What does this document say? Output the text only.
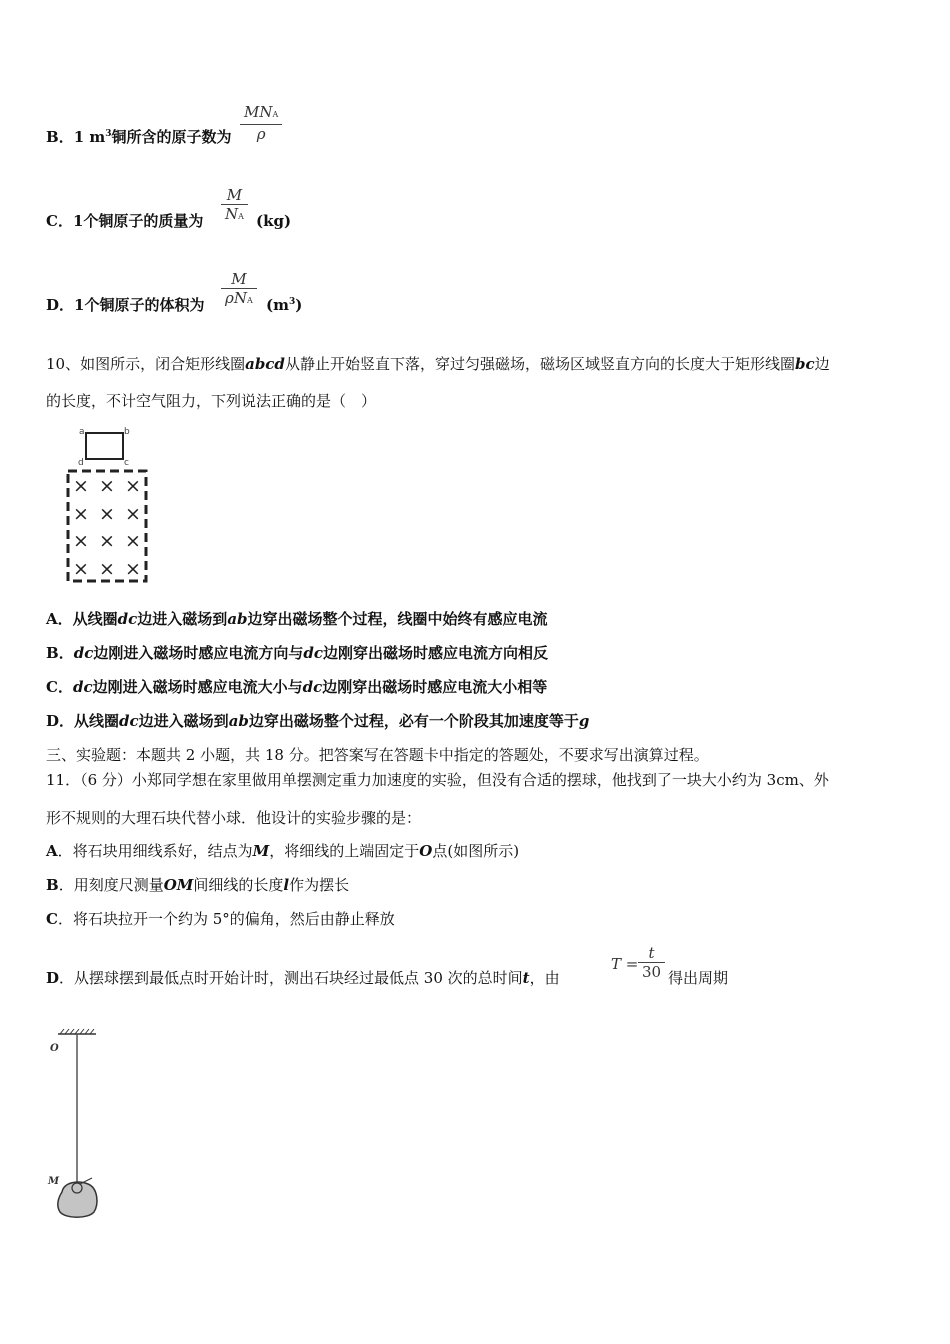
B．1 $m^3$铜所含的原子数为
MNA
ρ
C．1个铜原子的质量为
M
NA (kg)
D．1个铜原子的体积为
M
ρNA $(m^3)$
10、如图所示，闭合矩形线圈abcd从静止开始竖直下落，穿过匀强磁场，磁场区域竖直方向的长度大于矩形线圈bc边
的长度，不计空气阻力，下列说法正确的是（　）
a	b
c
d
× × ×
× × ×
× × ×
× × ×
A．从线圈dc边进入磁场到ab边穿出磁场整个过程，线圈中始终有感应电流
B．dc边刚进入磁场时感应电流方向与dc边刚穿出磁场时感应电流方向相反
C．dc边刚进入磁场时感应电流大小与dc边刚穿出磁场时感应电流大小相等
D．从线圈dc边进入磁场到ab边穿出磁场整个过程，必有一个阶段其加速度等于g
三、实验题：本题共 2 小题，共 18 分。把答案写在答题卡中指定的答题处，不要求写出演算过程。
11．（6 分）小郑同学想在家里做用单摆测定重力加速度的实验，但没有合适的摆球，他找到了一块大小约为 3cm、外
形不规则的大理石块代替小球．他设计的实验步骤的是：
A．将石块用细线系好，结点为M，将细线的上端固定于O点(如图所示)
B．用刻度尺测量OM间细线的长度l作为摆长
C．将石块拉开一个约为 5°的偏角，然后由静止释放
D．从摆球摆到最低点时开始计时，测出石块经过最低点 30 次的总时间t，由
T =
t
30 得出周期
O
M
